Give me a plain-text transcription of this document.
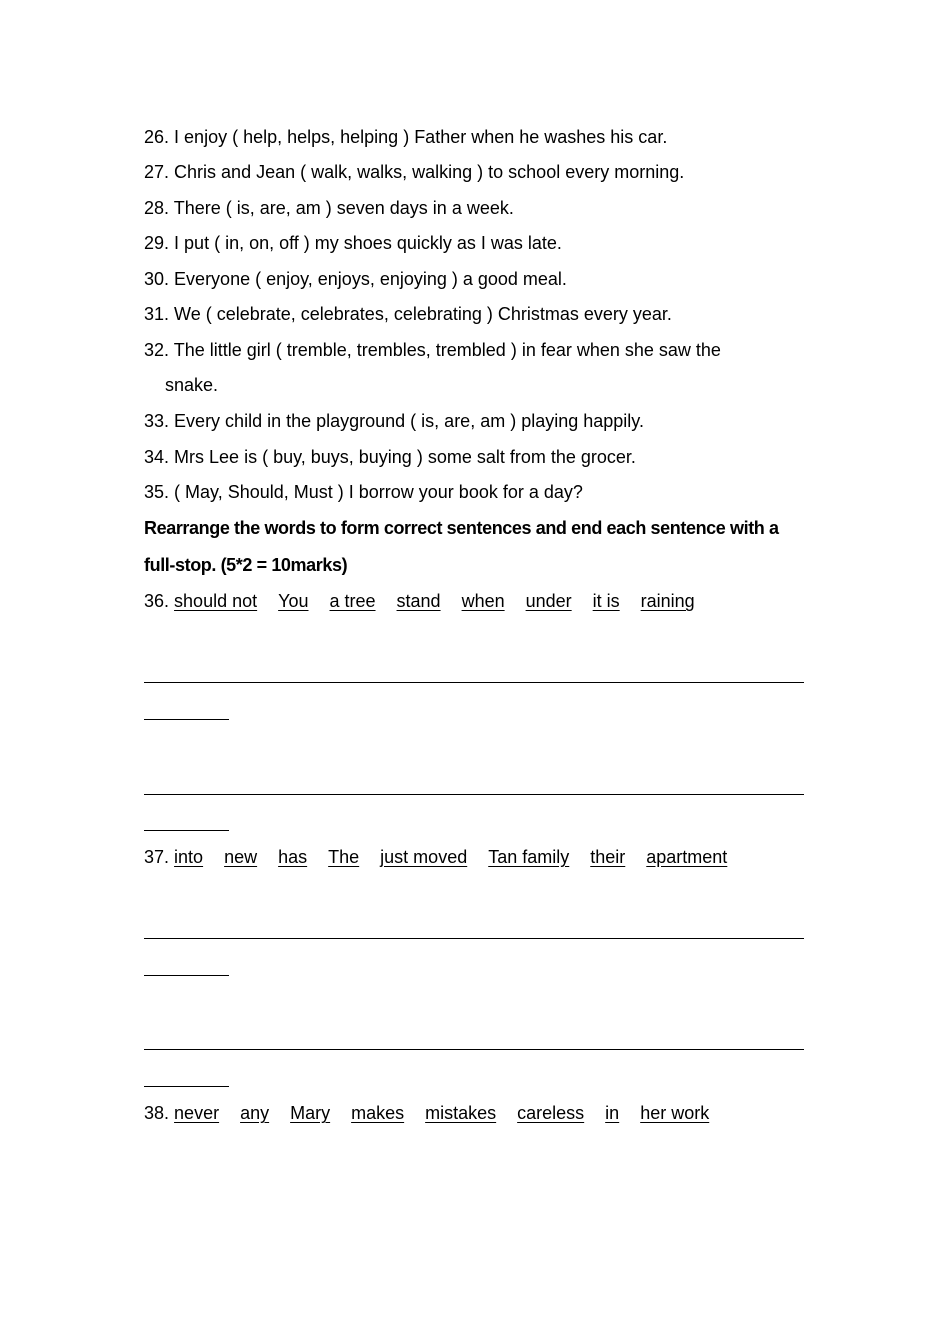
26. I enjoy ( help, helps, helping ) Father when he washes his car.
27. Chris and Jean ( walk, walks, walking ) to school every morning.
28. There ( is, are, am ) seven days in a week.
29. I put ( in, on, off ) my shoes quickly as I was late.
30. Everyone ( enjoy, enjoys, enjoying ) a good meal.
31. We ( celebrate, celebrates, celebrating ) Christmas every year.
32. The little girl ( tremble, trembles, trembled ) in fear when she saw the
snake.
33. Every child in the playground ( is, are, am ) playing happily.
34. Mrs Lee is ( buy, buys, buying ) some salt from the grocer.
35. ( May, Should, Must ) I borrow your book for a day?
Rearrange the words to form correct sentences and end each sentence with a
full-stop. (5*2 = 10marks)
36. should not You a tree stand when under it is raining
37. into new has The just moved Tan family their apartment
38. never any Mary makes mistakes careless in her work
